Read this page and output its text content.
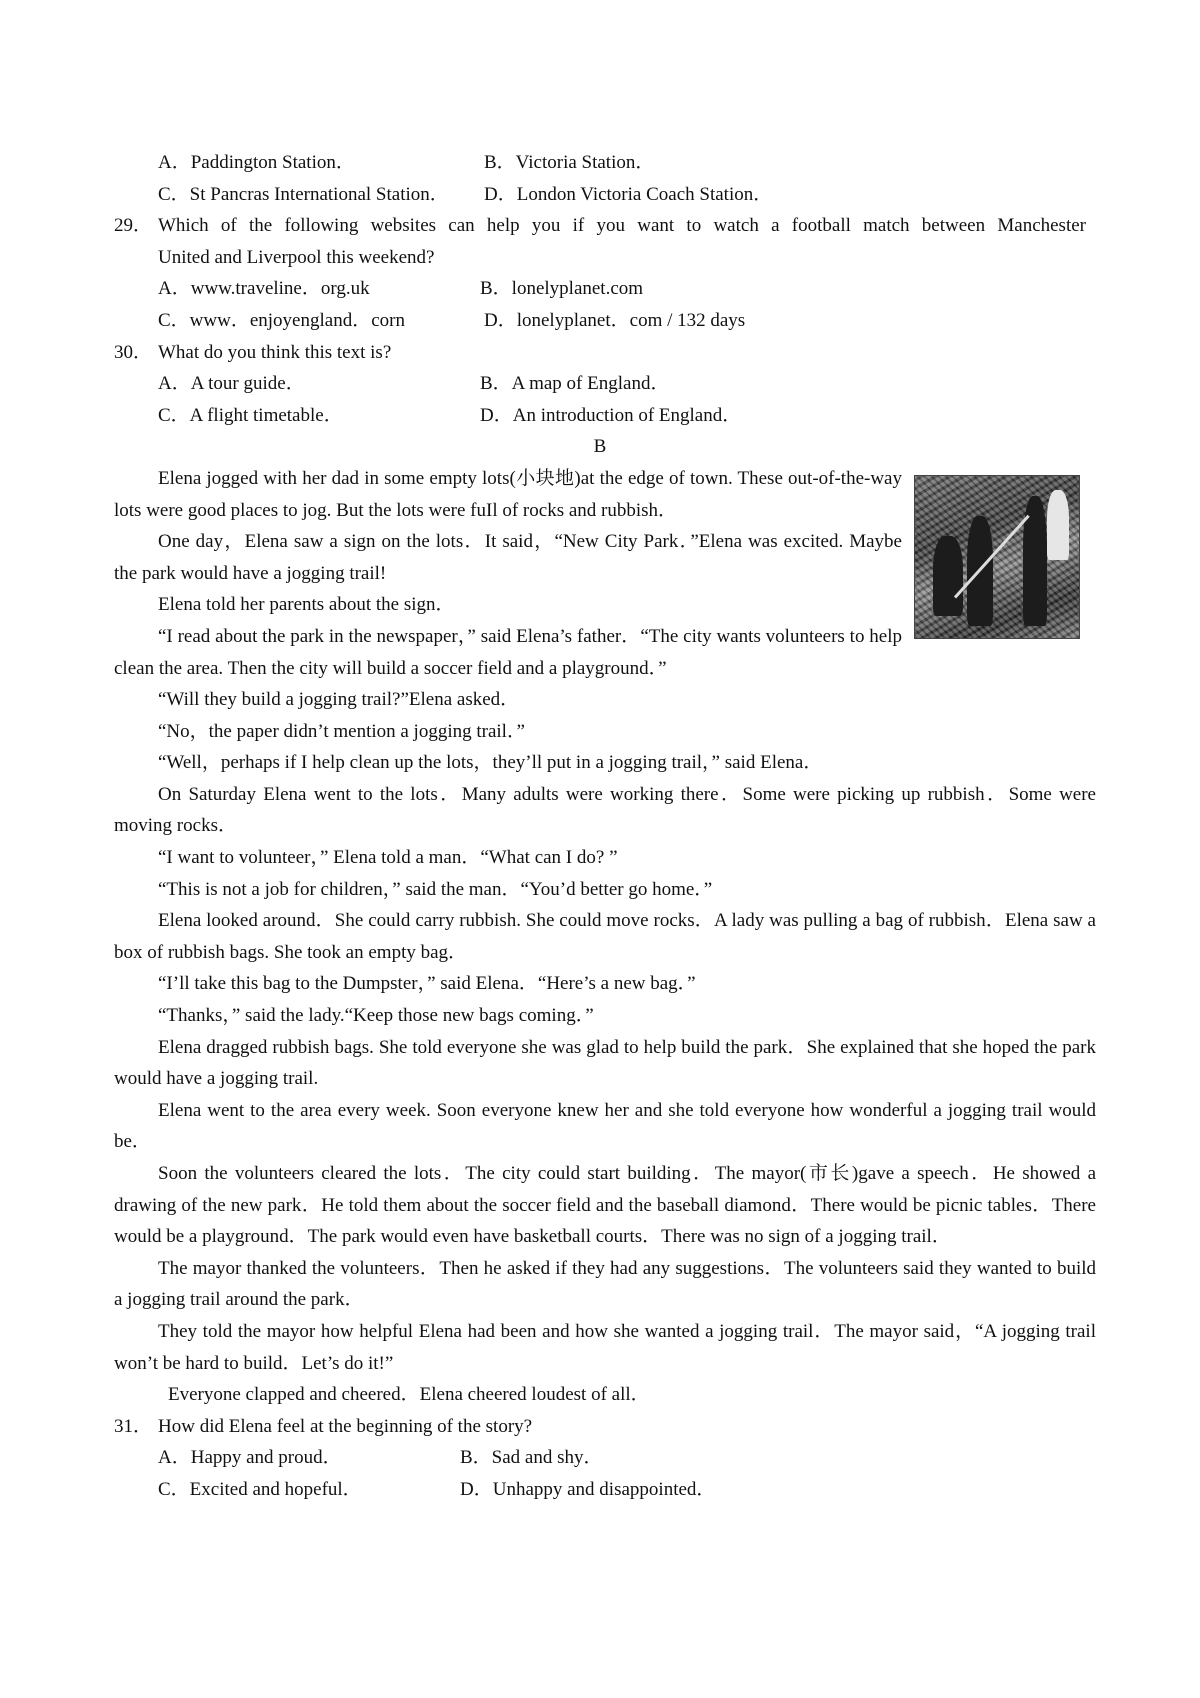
A．Paddington Station．	B．Victoria Station．
C．St Pancras International Station． D．London Victoria Coach Station．
29． Which of the following websites can help you if you want to watch a football match between Manchester
United and Liverpool this weekend?
A．www.traveline．org.uk	B．lonelyplanet.com
C．www．enjoyengland．corn	D．lonelyplanet．com / 132 days
30． What do you think this text is?
A．A tour guide．	B．A map of England．
C．A flight timetable．	D．An introduction of England．
B

Elena jogged with her dad in some empty lots(小块地)at the edge of town. These out-of-the-way lots were good places to jog. But the lots were fuIl of rocks and rubbish．

One day，Elena saw a sign on the lots．It said，“New City Park．”Elena was excited. Maybe the park would have a jogging trail!

Elena told her parents about the sign．

“I read about the park in the newspaper，” said Elena’s father．“The city wants volunteers to help clean the area. Then the city will build a soccer field and a playground．”

“Will they build a jogging trail?”Elena asked．

“No，the paper didn’t mention a jogging trail．”

“Well，perhaps if I help clean up the lots，they’ll put in a jogging trail，” said Elena．

On Saturday Elena went to the lots．Many adults were working there．Some were picking up rubbish．Some were moving rocks．

“I want to volunteer，” Elena told a man．“What can I do? ”

“This is not a job for children，” said the man．“You’d better go home．”

Elena looked around．She could carry rubbish. She could move rocks．A lady was pulling a bag of rubbish．Elena saw a box of rubbish bags. She took an empty bag．

“I’ll take this bag to the Dumpster，” said Elena．“Here’s a new bag．”

“Thanks，” said the lady.“Keep those new bags coming．”

Elena dragged rubbish bags. She told everyone she was glad to help build the park．She explained that she hoped the park would have a jogging trail.

Elena went to the area every week. Soon everyone knew her and she told everyone how wonderful a jogging trail would be．

Soon the volunteers cleared the lots．The city could start building．The mayor(市长)gave a speech．He showed a drawing of the new park．He told them about the soccer field and the baseball diamond．There would be picnic tables．There would be a playground．The park would even have basketball courts．There was no sign of a jogging trail．

The mayor thanked the volunteers．Then he asked if they had any suggestions．The volunteers said they wanted to build a jogging trail around the park．

They told the mayor how helpful Elena had been and how she wanted a jogging trail．The mayor said，“A jogging trail won’t be hard to build．Let’s do it!”

Everyone clapped and cheered．Elena cheered loudest of all．

31． How did Elena feel at the beginning of the story?
A．Happy and proud．	B．Sad and shy．
C．Excited and hopeful．	D．Unhappy and disappointed．
